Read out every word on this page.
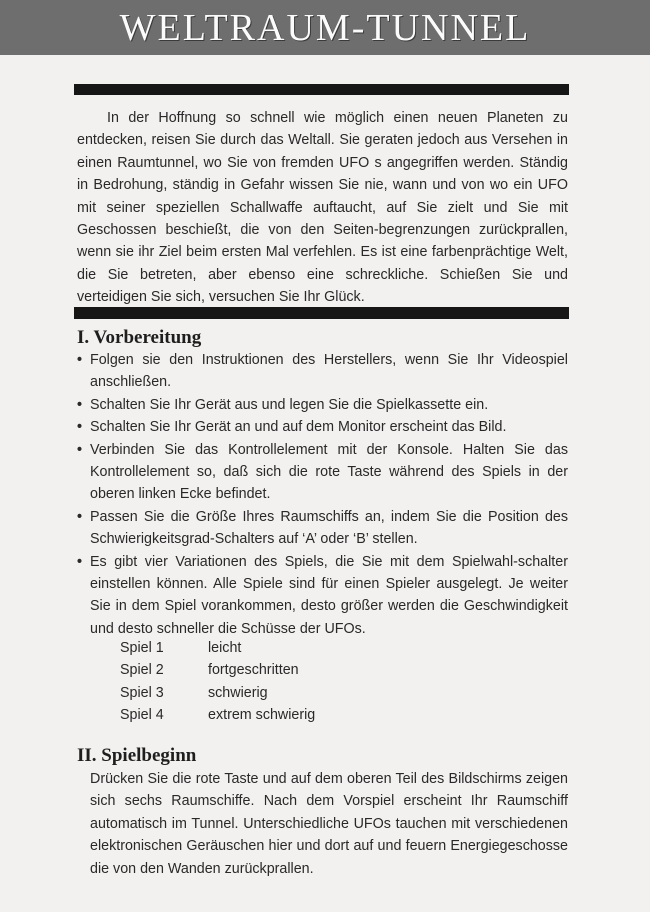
WELTRAUM-TUNNEL

In der Hoffnung so schnell wie möglich einen neuen Planeten zu entdecken, reisen Sie durch das Weltall. Sie geraten jedoch aus Versehen in einen Raumtunnel, wo Sie von fremden UFO s angegriffen werden. Ständig in Bedrohung, ständig in Gefahr wissen Sie nie, wann und von wo ein UFO mit seiner speziellen Schallwaffe auftaucht, auf Sie zielt und Sie mit Geschossen beschießt, die von den Seiten-begrenzungen zurückprallen, wenn sie ihr Ziel beim ersten Mal verfehlen. Es ist eine farbenprächtige Welt, die Sie betreten, aber ebenso eine schreckliche. Schießen Sie und verteidigen Sie sich, versuchen Sie Ihr Glück.

I. Vorbereitung
• Folgen sie den Instruktionen des Herstellers, wenn Sie Ihr Videospiel anschließen.
• Schalten Sie Ihr Gerät aus und legen Sie die Spielkassette ein.
• Schalten Sie Ihr Gerät an und auf dem Monitor erscheint das Bild.
• Verbinden Sie das Kontrollelement mit der Konsole. Halten Sie das Kontrollelement so, daß sich die rote Taste während des Spiels in der oberen linken Ecke befindet.
• Passen Sie die Größe Ihres Raumschiffs an, indem Sie die Position des Schwierigkeitsgrad-Schalters auf ‘A’ oder ‘B’ stellen.
• Es gibt vier Variationen des Spiels, die Sie mit dem Spielwahl-schalter einstellen können. Alle Spiele sind für einen Spieler ausgelegt. Je weiter Sie in dem Spiel vorankommen, desto größer werden die Geschwindigkeit und desto schneller die Schüsse der UFOs.
Spiel 1	leicht
Spiel 2	fortgeschritten
Spiel 3	schwierig
Spiel 4	extrem schwierig
II. Spielbeginn
Drücken Sie die rote Taste und auf dem oberen Teil des Bildschirms zeigen sich sechs Raumschiffe. Nach dem Vorspiel erscheint Ihr Raumschiff automatisch im Tunnel. Unterschiedliche UFOs tauchen mit verschiedenen elektronischen Geräuschen hier und dort auf und feuern Energiegeschosse die von den Wanden zurückprallen.
